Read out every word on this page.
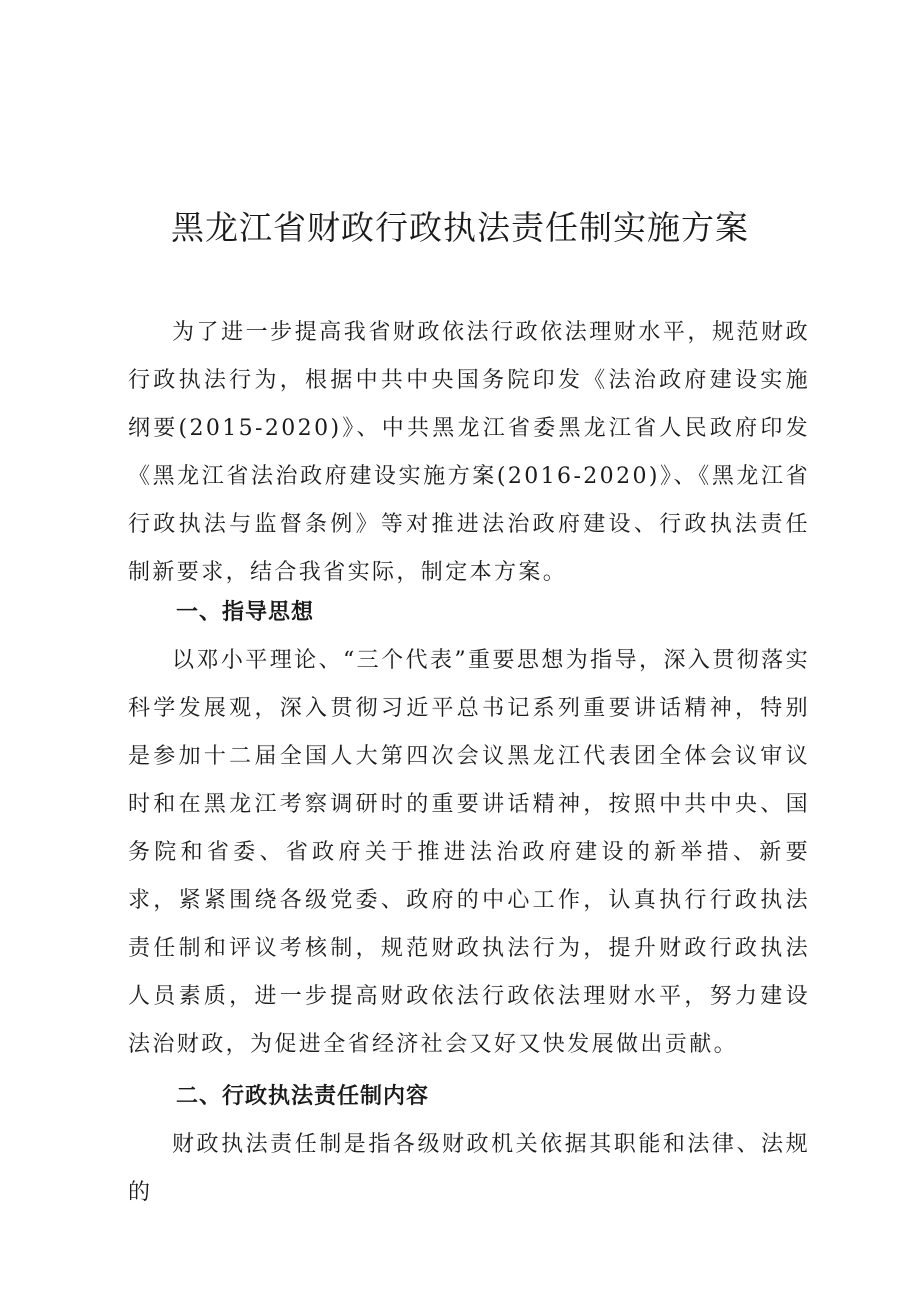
黑龙江省财政行政执法责任制实施方案

为了进一步提高我省财政依法行政依法理财水平，规范财政行政执法行为，根据中共中央国务院印发《法治政府建设实施纲要(2015-2020)》、中共黑龙江省委黑龙江省人民政府印发《黑龙江省法治政府建设实施方案(2016-2020)》、《黑龙江省行政执法与监督条例》等对推进法治政府建设、行政执法责任制新要求，结合我省实际，制定本方案。

一、指导思想

以邓小平理论、“三个代表”重要思想为指导，深入贯彻落实科学发展观，深入贯彻习近平总书记系列重要讲话精神，特别是参加十二届全国人大第四次会议黑龙江代表团全体会议审议时和在黑龙江考察调研时的重要讲话精神，按照中共中央、国务院和省委、省政府关于推进法治政府建设的新举措、新要求，紧紧围绕各级党委、政府的中心工作，认真执行行政执法责任制和评议考核制，规范财政执法行为，提升财政行政执法人员素质，进一步提高财政依法行政依法理财水平，努力建设法治财政，为促进全省经济社会又好又快发展做出贡献。

二、行政执法责任制内容

财政执法责任制是指各级财政机关依据其职能和法律、法规的
